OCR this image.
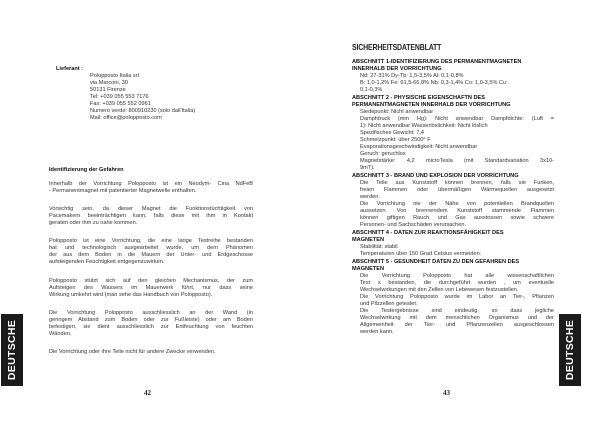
Lieferant :
Polopposto Italia srl
via Marconi, 30
50131 Firenze
Tel: +039 055 553 7176
Fax: +039 055 552 0961
Numero verde: 800910230 (solo dall'Italia)
Mail: office@polopposto.com
Identifizierung der Gefahren
Innerhalb der Vorrichtung Polopposto ist ein Neodym- Cina NdFeB
- Permanentmagnet mit patentierter Magnetwelle enthalten.
Vorsichtig sein, da dieser Magnet die Funktionstüchtigkeit von
Pacemakern beeinträchtigen kann, falls diese mit ihm in Kontakt
geraten oder ihm zu nahe kommen.
Polopposto ist eine Vorrichtung, die eine lange Testreihe bestanden
hat und technologisch ausgearbeitet wurde, um dem Phänomen
der aus dem Boden in die Mauern der Unter- und Erdgeschosse
aufsteigenden Feuchtigkeit entgegenzuwirken.
Polopposto stützt sich auf den gleichen Mechanismus, der zum
Aufsteigen des Wassers im Mauerwerk führt, nur dass seine
Wirkung umkehrt wird (man sehe das Handbuch von Polopposto).
Die Vorrichtung Polopposto ausschliesslich an der Wand (in
geringem Abstand zum Boden oder zur Fußleiste) oder am Boden
befestigen, sie dient ausschliesslich zur Entfeuchtung von feuchten
Wänden.
Die Vorrichtung oder ihre Teile nicht für andere Zwecke verwenden.
DEUTSCHE
42
SICHERHEITSDATENBLATT
ABSCHNITT 1-IDENTIFIZIERUNG DES PERMANENTMAGNETEN
INNERHALB DER VORRICHTUNG
Nd: 27-31% Dy-Tb: 1,5-3,5% Al: 0,1-0,8%
B: 1,0-1,2% Fe: 61,5-66,8% Nb: 0,3-1,4% Co: 1,0-3,5% Cu:
0,1-0,3%
ABSCHNITT 2 - PHYSISCHE EIGENSCHAFTN DES
PERMANENTMAGNETEN INNERHALB DER VORRICHTUNG
Siedepunkt: Nicht anwendbar
Dampfdruck (mm Hg): Nicht anwendbar Dampfdichte: (Luft =
1): Nicht anwendbar Wasserlöslichkeit: Nicht löslich
Spezifisches Gewicht: 7,4
Schmelzpunkt: über 2500° F
Evaporationsgeschwindigkeit: Nicht anwendbar
Geruch: geruchlos
Magnetstärke: 4,2 microTesla (mit Standardvariation 3x10-
9mT).
ABSCHNITT 3 - BRAND UND EXPLOSION DER VORRICHTUNG
Die Teile aus Kunststoff können brennen, falls sie Funken,
freien Flammen oder übermäßigen Wärmequellen ausgesetzt
werden.
Die Vorrichtung nie der Nähe von potentiellen Brandquellen
aussetzen. Von brennendem Kunststoff stammende Flammen
können giftigen Rauch und Gas ausstossen sowie schwere
Personen- und Sachschäden verursachen.
ABSCHNITT 4 - DATEN ZUR REAKTIONSFÄHIGKEIT DES
MAGNETEN
Stabilität: stabil
Temperaturen über 150 Grad Celsius vermeiden.
ABSCHNITT 5 - GESUNDHEIT DATEN ZU DEN GEFAHREN DES
MAGNETEN
Die Vorrichtung Polopposto hat alle wissenschaftlichen
Test s bestanden, die durchgeführt wurden , um eventuelle
Wechselwirkungen mit den Zellen von Lebewesen festzustellen.
Die Vorrichtung Polopposto wurde im Labor an Tier-, Pflanzen
und Pilzzellen getestet.
Die Testergebnisse sind eindeutig, so dass jegliche
Wechselwirkung mit dem menschlichen Organismus und der
Allgemeinheit der Tier- und Pflanzenzellen ausgeschlossen
werden kann.	DEUTSCHE
43
